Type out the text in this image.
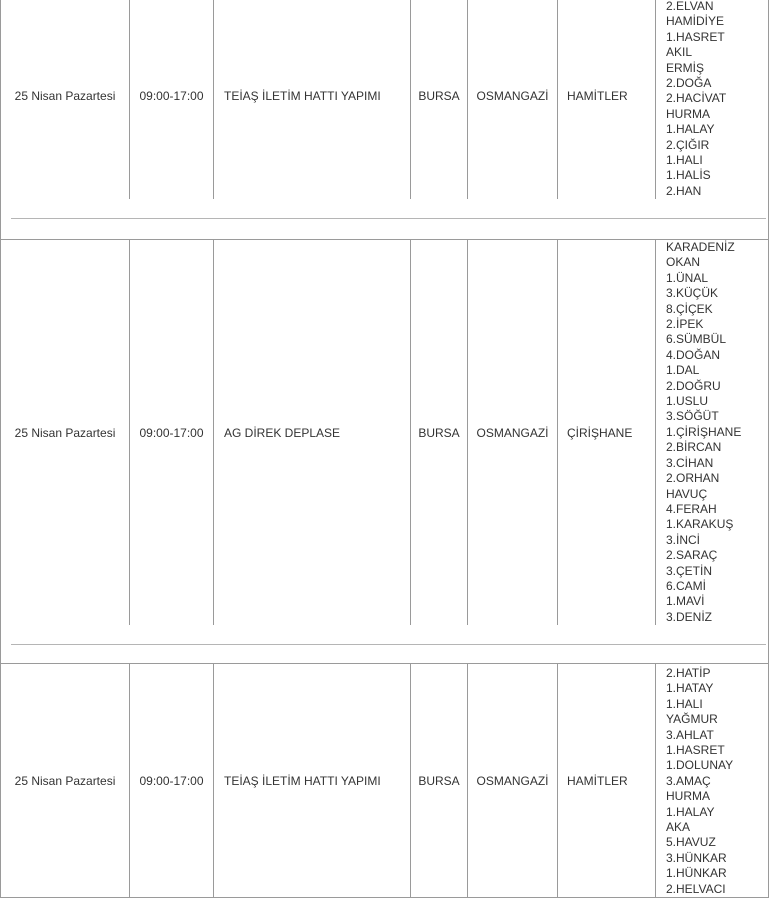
25 Nisan Pazartesi	09:00-17:00	TEİAŞ İLETİM HATTI YAPIMI	BURSA	OSMANGAZİ	HAMİTLER	
2.ELVAN
HAMİDİYE
1.HASRET
AKIL
ERMİŞ
2.DOĞA
2.HACİVAT
HURMA
1.HALAY
2.ÇIĞIR
1.HALI
1.HALİS
2.HAN
25 Nisan Pazartesi	09:00-17:00	AG DİREK DEPLASE	BURSA	OSMANGAZİ	ÇİRİŞHANE	
KARADENİZ
OKAN
1.ÜNAL
3.KÜÇÜK
8.ÇİÇEK
2.İPEK
6.SÜMBÜL
4.DOĞAN
1.DAL
2.DOĞRU
1.USLU
3.SÖĞÜT
1.ÇİRİŞHANE
2.BİRCAN
3.CİHAN
2.ORHAN
HAVUÇ
4.FERAH
1.KARAKUŞ
3.İNCİ
2.SARAÇ
3.ÇETİN
6.CAMİ
1.MAVİ
3.DENİZ
25 Nisan Pazartesi	09:00-17:00	TEİAŞ İLETİM HATTI YAPIMI	BURSA	OSMANGAZİ	HAMİTLER	
2.HATİP
1.HATAY
1.HALI
YAĞMUR
3.AHLAT
1.HASRET
1.DOLUNAY
3.AMAÇ
HURMA
1.HALAY
AKA
5.HAVUZ
3.HÜNKAR
1.HÜNKAR
2.HELVACI
